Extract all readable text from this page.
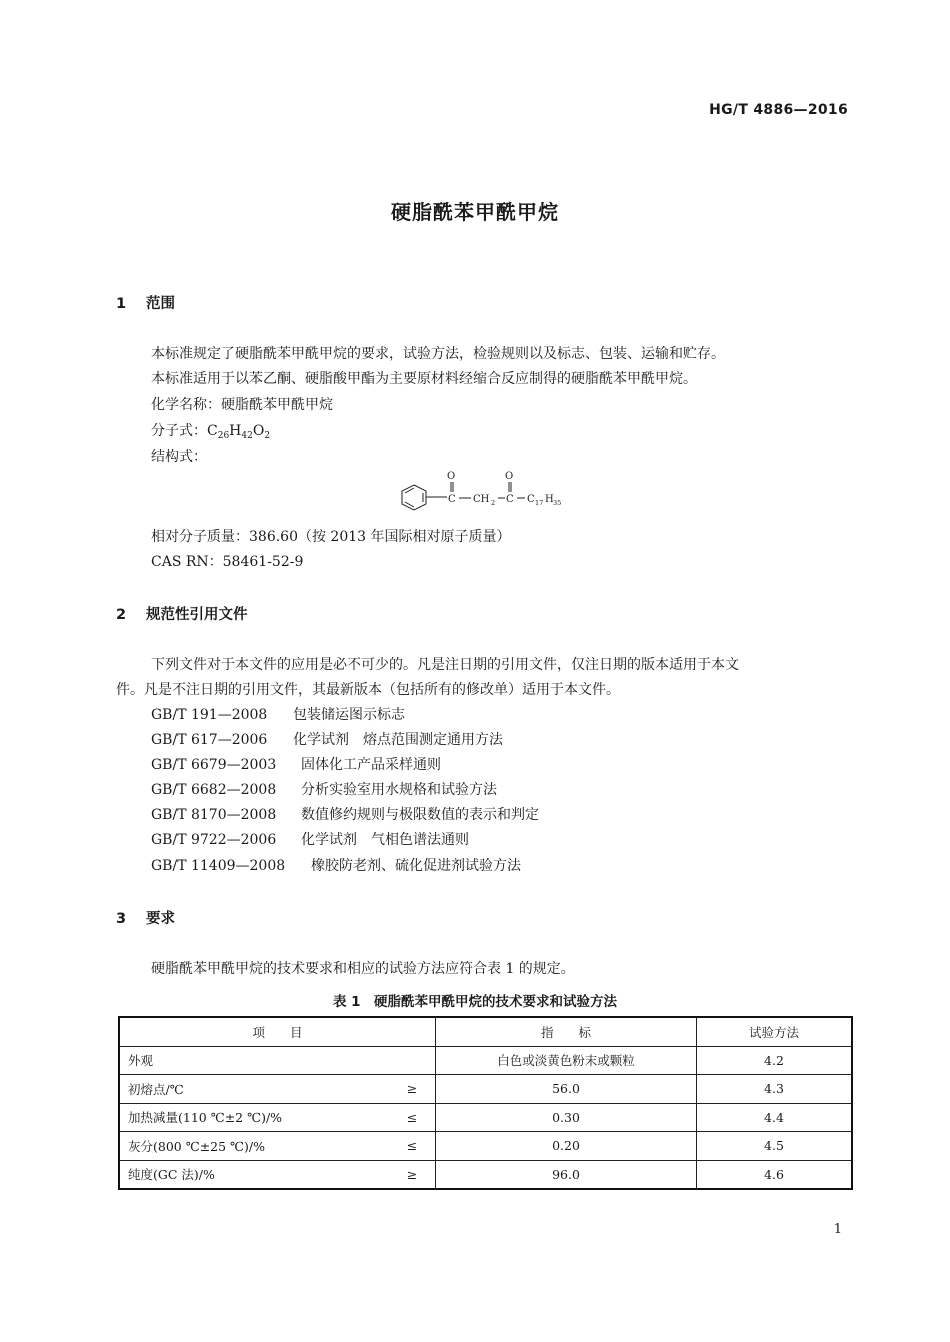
HG/T 4886—2016
硬脂酰苯甲酰甲烷
1 范围
本标准规定了硬脂酰苯甲酰甲烷的要求，试验方法，检验规则以及标志、包装、运输和贮存。
本标准适用于以苯乙酮、硬脂酸甲酯为主要原材料经缩合反应制得的硬脂酰苯甲酰甲烷。
化学名称：硬脂酰苯甲酰甲烷
分子式：$C_{26}H_{42}O_2$
结构式：
O	O
C CH 2 C C 17 H 35
相对分子质量：386.60（按 2013 年国际相对原子质量）
CAS RN：58461-52-9
2 规范性引用文件
下列文件对于本文件的应用是必不可少的。凡是注日期的引用文件，仅注日期的版本适用于本文
件。凡是不注日期的引用文件，其最新版本（包括所有的修改单）适用于本文件。
GB/T 191—2008 包装储运图示标志
GB/T 617—2006 化学试剂　熔点范围测定通用方法
GB/T 6679—2003 固体化工产品采样通则
GB/T 6682—2008 分析实验室用水规格和试验方法
GB/T 8170—2008 数值修约规则与极限数值的表示和判定
GB/T 9722—2006 化学试剂　气相色谱法通则
GB/T 11409—2008 橡胶防老剂、硫化促进剂试验方法
3 要求
硬脂酰苯甲酰甲烷的技术要求和相应的试验方法应符合表 1 的规定。
表 1　硬脂酰苯甲酰甲烷的技术要求和试验方法
项　　目		指　　标	试验方法
外观		白色或淡黄色粉末或颗粒	4.2
初熔点/℃	≥	56.0	4.3
加热减量(110 ℃±2 ℃)/%	≤	0.30	4.4
灰分(800 ℃±25 ℃)/%	≤	0.20	4.5
纯度(GC 法)/%	≥	96.0	4.6
1
